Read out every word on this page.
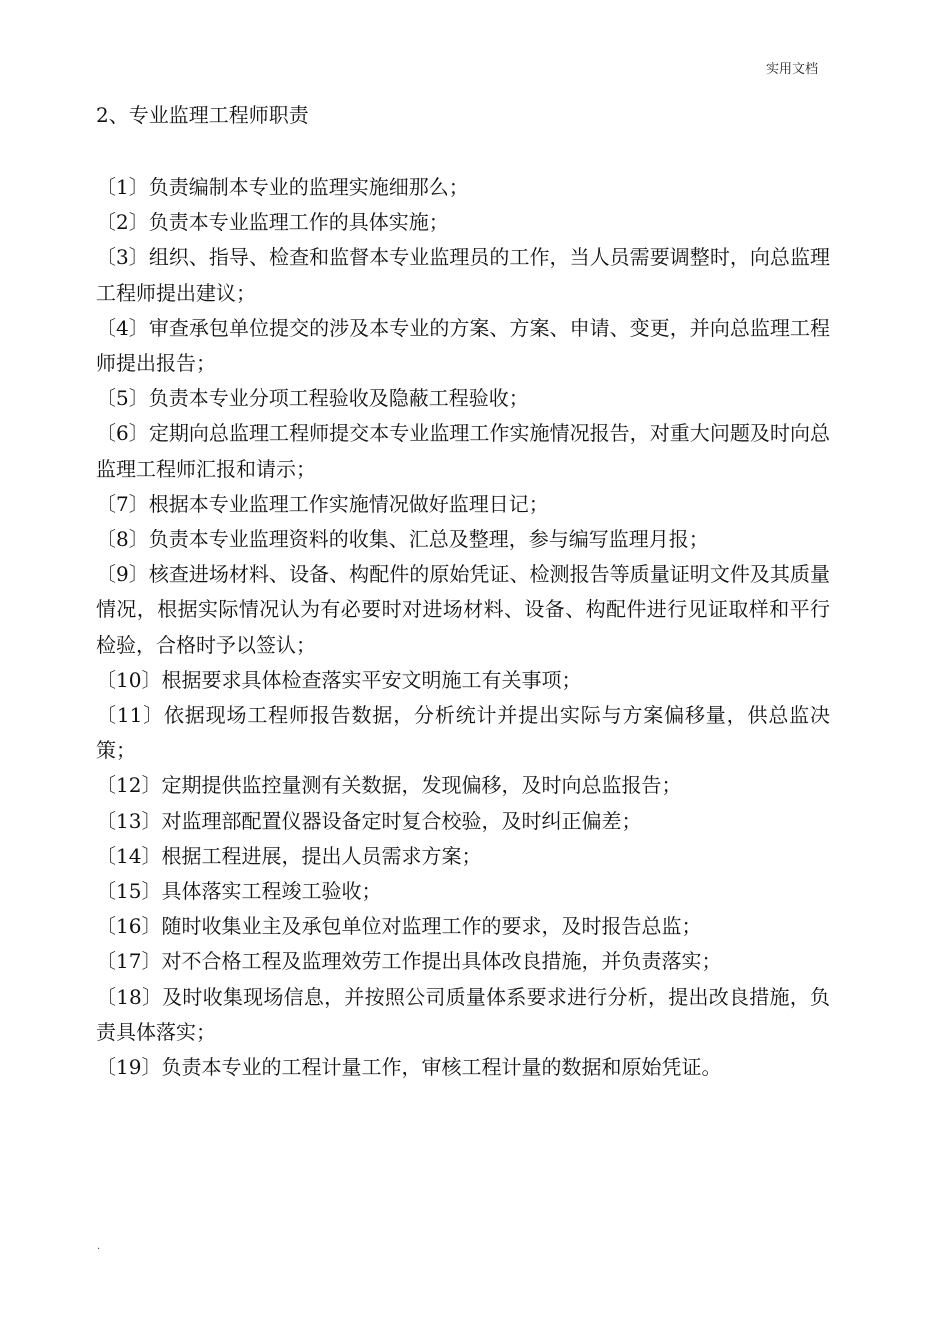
实用文档
2、专业监理工程师职责
〔1〕负责编制本专业的监理实施细那么；
〔2〕负责本专业监理工作的具体实施；
〔3〕组织、指导、检查和监督本专业监理员的工作，当人员需要调整时，向总监理工程师提出建议；
〔4〕审查承包单位提交的涉及本专业的方案、方案、申请、变更，并向总监理工程师提出报告；
〔5〕负责本专业分项工程验收及隐蔽工程验收；
〔6〕定期向总监理工程师提交本专业监理工作实施情况报告，对重大问题及时向总监理工程师汇报和请示；
〔7〕根据本专业监理工作实施情况做好监理日记；
〔8〕负责本专业监理资料的收集、汇总及整理，参与编写监理月报；
〔9〕核查进场材料、设备、构配件的原始凭证、检测报告等质量证明文件及其质量情况，根据实际情况认为有必要时对进场材料、设备、构配件进行见证取样和平行检验，合格时予以签认；
〔10〕根据要求具体检查落实平安文明施工有关事项；
〔11〕依据现场工程师报告数据，分析统计并提出实际与方案偏移量，供总监决策；
〔12〕定期提供监控量测有关数据，发现偏移，及时向总监报告；
〔13〕对监理部配置仪器设备定时复合校验，及时纠正偏差；
〔14〕根据工程进展，提出人员需求方案；
〔15〕具体落实工程竣工验收；
〔16〕随时收集业主及承包单位对监理工作的要求，及时报告总监；
〔17〕对不合格工程及监理效劳工作提出具体改良措施，并负责落实；
〔18〕及时收集现场信息，并按照公司质量体系要求进行分析，提出改良措施，负责具体落实；
〔19〕负责本专业的工程计量工作，审核工程计量的数据和原始凭证。
.
